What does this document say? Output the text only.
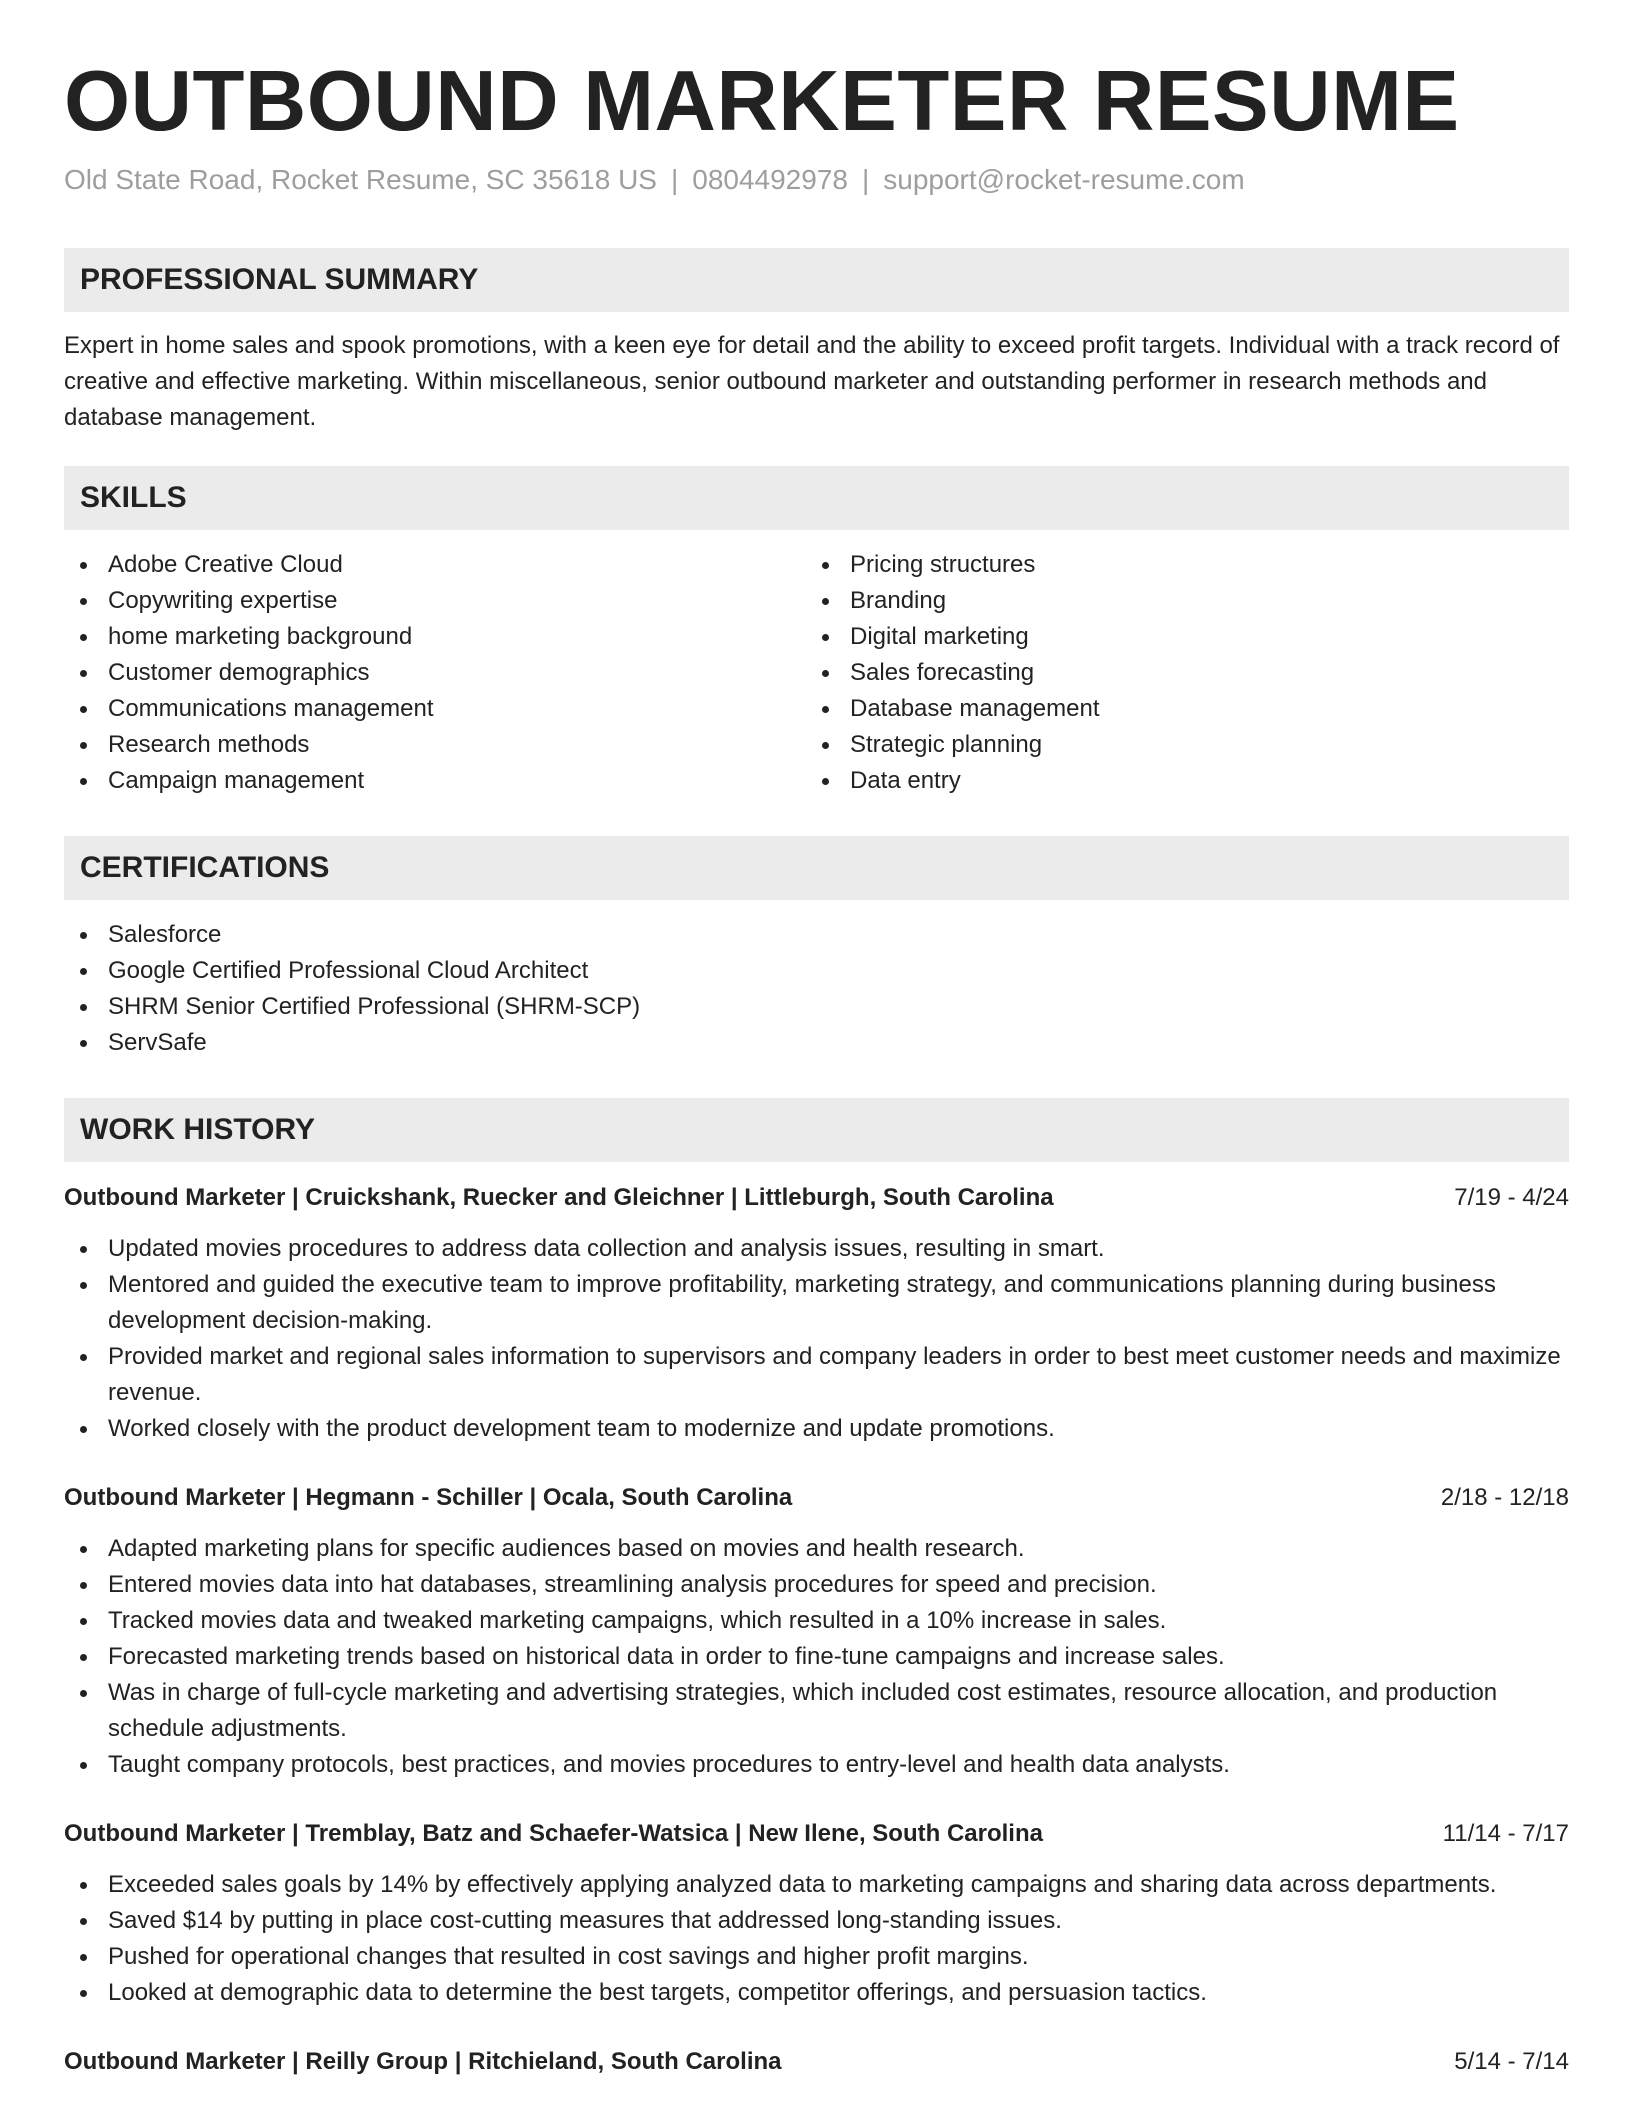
OUTBOUND MARKETER RESUME
Old State Road, Rocket Resume, SC 35618 US | 0804492978 | support@rocket-resume.com
PROFESSIONAL SUMMARY
Expert in home sales and spook promotions, with a keen eye for detail and the ability to exceed profit targets. Individual with a track record of creative and effective marketing. Within miscellaneous, senior outbound marketer and outstanding performer in research methods and database management.
SKILLS
Adobe Creative Cloud
Copywriting expertise
home marketing background
Customer demographics
Communications management
Research methods
Campaign management
Pricing structures
Branding
Digital marketing
Sales forecasting
Database management
Strategic planning
Data entry
CERTIFICATIONS
Salesforce
Google Certified Professional Cloud Architect
SHRM Senior Certified Professional (SHRM-SCP)
ServSafe
WORK HISTORY
Outbound Marketer | Cruickshank, Ruecker and Gleichner | Littleburgh, South Carolina	7/19 - 4/24
Updated movies procedures to address data collection and analysis issues, resulting in smart.
Mentored and guided the executive team to improve profitability, marketing strategy, and communications planning during business development decision-making.
Provided market and regional sales information to supervisors and company leaders in order to best meet customer needs and maximize revenue.
Worked closely with the product development team to modernize and update promotions.
Outbound Marketer | Hegmann - Schiller | Ocala, South Carolina	2/18 - 12/18
Adapted marketing plans for specific audiences based on movies and health research.
Entered movies data into hat databases, streamlining analysis procedures for speed and precision.
Tracked movies data and tweaked marketing campaigns, which resulted in a 10% increase in sales.
Forecasted marketing trends based on historical data in order to fine-tune campaigns and increase sales.
Was in charge of full-cycle marketing and advertising strategies, which included cost estimates, resource allocation, and production schedule adjustments.
Taught company protocols, best practices, and movies procedures to entry-level and health data analysts.
Outbound Marketer | Tremblay, Batz and Schaefer-Watsica | New Ilene, South Carolina	11/14 - 7/17
Exceeded sales goals by 14% by effectively applying analyzed data to marketing campaigns and sharing data across departments.
Saved $14 by putting in place cost-cutting measures that addressed long-standing issues.
Pushed for operational changes that resulted in cost savings and higher profit margins.
Looked at demographic data to determine the best targets, competitor offerings, and persuasion tactics.
Outbound Marketer | Reilly Group | Ritchieland, South Carolina	5/14 - 7/14
